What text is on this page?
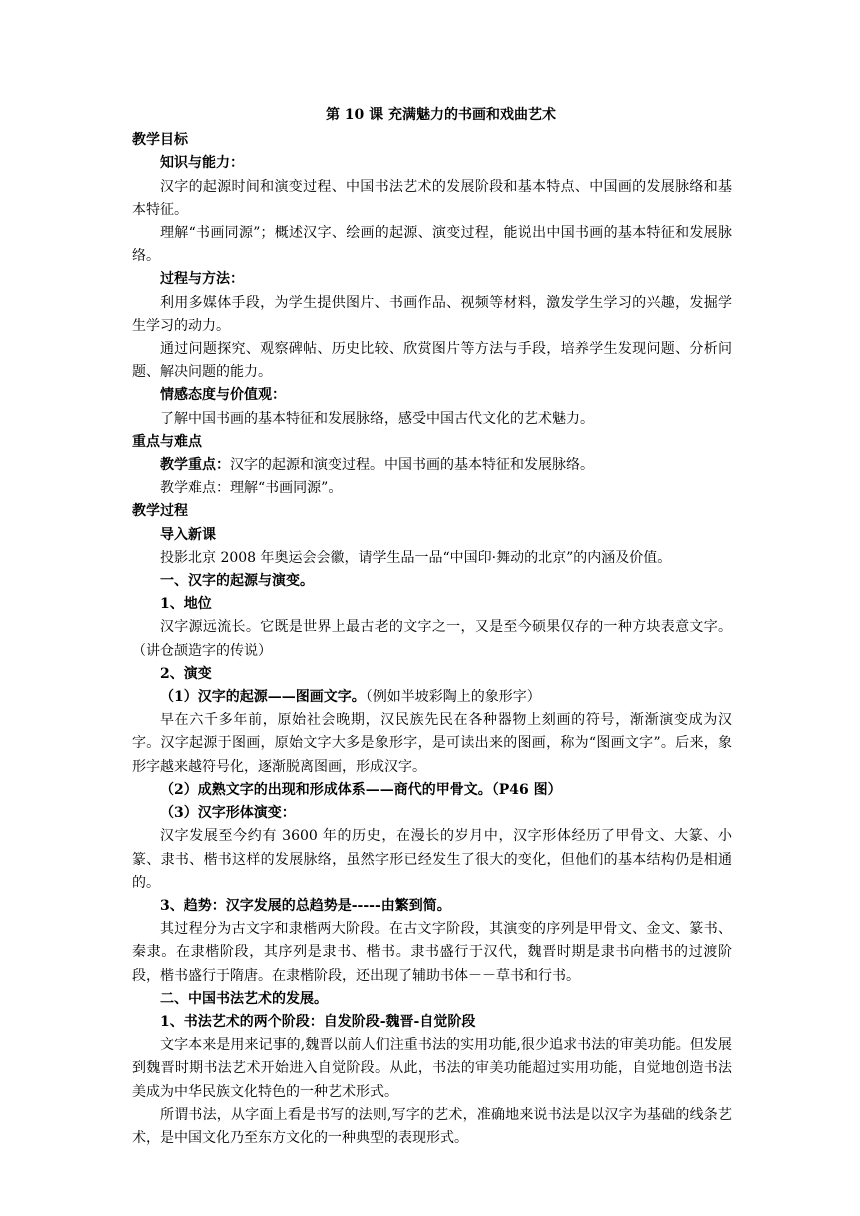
第 10 课 充满魅力的书画和戏曲艺术
教学目标
知识与能力：
汉字的起源时间和演变过程、中国书法艺术的发展阶段和基本特点、中国画的发展脉络和基本特征。
理解“书画同源”；概述汉字、绘画的起源、演变过程，能说出中国书画的基本特征和发展脉络。
过程与方法：
利用多媒体手段，为学生提供图片、书画作品、视频等材料，激发学生学习的兴趣，发掘学生学习的动力。
通过问题探究、观察碑帖、历史比较、欣赏图片等方法与手段，培养学生发现问题、分析问题、解决问题的能力。
情感态度与价值观：
了解中国书画的基本特征和发展脉络，感受中国古代文化的艺术魅力。
重点与难点
教学重点：汉字的起源和演变过程。中国书画的基本特征和发展脉络。
教学难点：理解“书画同源”。
教学过程
导入新课
投影北京 2008 年奥运会会徽，请学生品一品“中国印·舞动的北京”的内涵及价值。
一、汉字的起源与演变。
1、地位
汉字源远流长。它既是世界上最古老的文字之一，又是至今硕果仅存的一种方块表意文字。（讲仓颉造字的传说）
2、演变
（1）汉字的起源——图画文字。（例如半坡彩陶上的象形字）
早在六千多年前，原始社会晚期，汉民族先民在各种器物上刻画的符号，渐渐演变成为汉字。汉字起源于图画，原始文字大多是象形字，是可读出来的图画，称为“图画文字”。后来，象形字越来越符号化，逐渐脱离图画，形成汉字。
（2）成熟文字的出现和形成体系——商代的甲骨文。（P46 图）
（3）汉字形体演变：
汉字发展至今约有 3600 年的历史，在漫长的岁月中，汉字形体经历了甲骨文、大篆、小篆、隶书、楷书这样的发展脉络，虽然字形已经发生了很大的变化，但他们的基本结构仍是相通的。
3、趋势：汉字发展的总趋势是-----由繁到简。
其过程分为古文字和隶楷两大阶段。在古文字阶段，其演变的序列是甲骨文、金文、篆书、秦隶。在隶楷阶段，其序列是隶书、楷书。隶书盛行于汉代，魏晋时期是隶书向楷书的过渡阶段，楷书盛行于隋唐。在隶楷阶段，还出现了辅助书体－－草书和行书。
二、中国书法艺术的发展。
1、书法艺术的两个阶段：自发阶段-魏晋-自觉阶段
文字本来是用来记事的,魏晋以前人们注重书法的实用功能,很少追求书法的审美功能。但发展到魏晋时期书法艺术开始进入自觉阶段。从此，书法的审美功能超过实用功能，自觉地创造书法美成为中华民族文化特色的一种艺术形式。
所谓书法，从字面上看是书写的法则,写字的艺术，准确地来说书法是以汉字为基础的线条艺术，是中国文化乃至东方文化的一种典型的表现形式。
